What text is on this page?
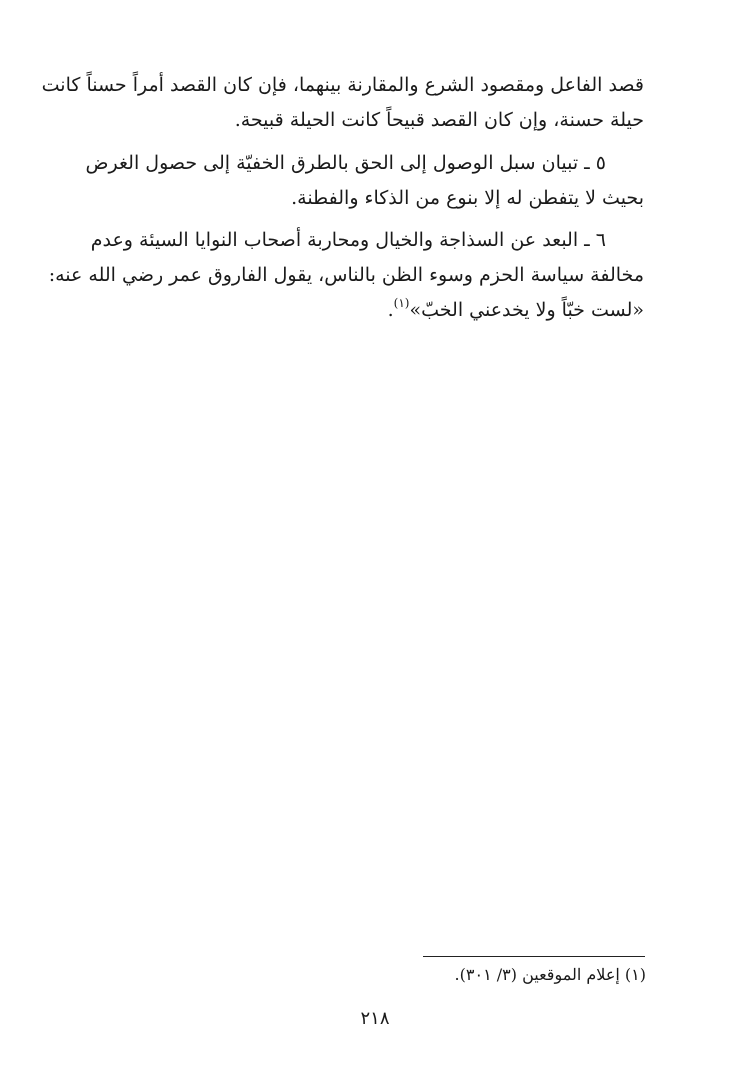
قصد الفاعل ومقصود الشرع والمقارنة بينهما، فإن كان القصد أمراً حسناً كانت
حيلة حسنة، وإن كان القصد قبيحاً كانت الحيلة قبيحة.
٥ ـ تبيان سبل الوصول إلى الحق بالطرق الخفيّة إلى حصول الغرض
بحيث لا يتفطن له إلا بنوع من الذكاء والفطنة.
٦ ـ البعد عن السذاجة والخيال ومحاربة أصحاب النوايا السيئة وعدم
مخالفة سياسة الحزم وسوء الظن بالناس، يقول الفاروق عمر رضي الله عنه:
«لست خبّاً ولا يخدعني الخبّ»$^{(١)}$.
(١) إعلام الموقعين (٣/ ٣٠١).
٢١٨
